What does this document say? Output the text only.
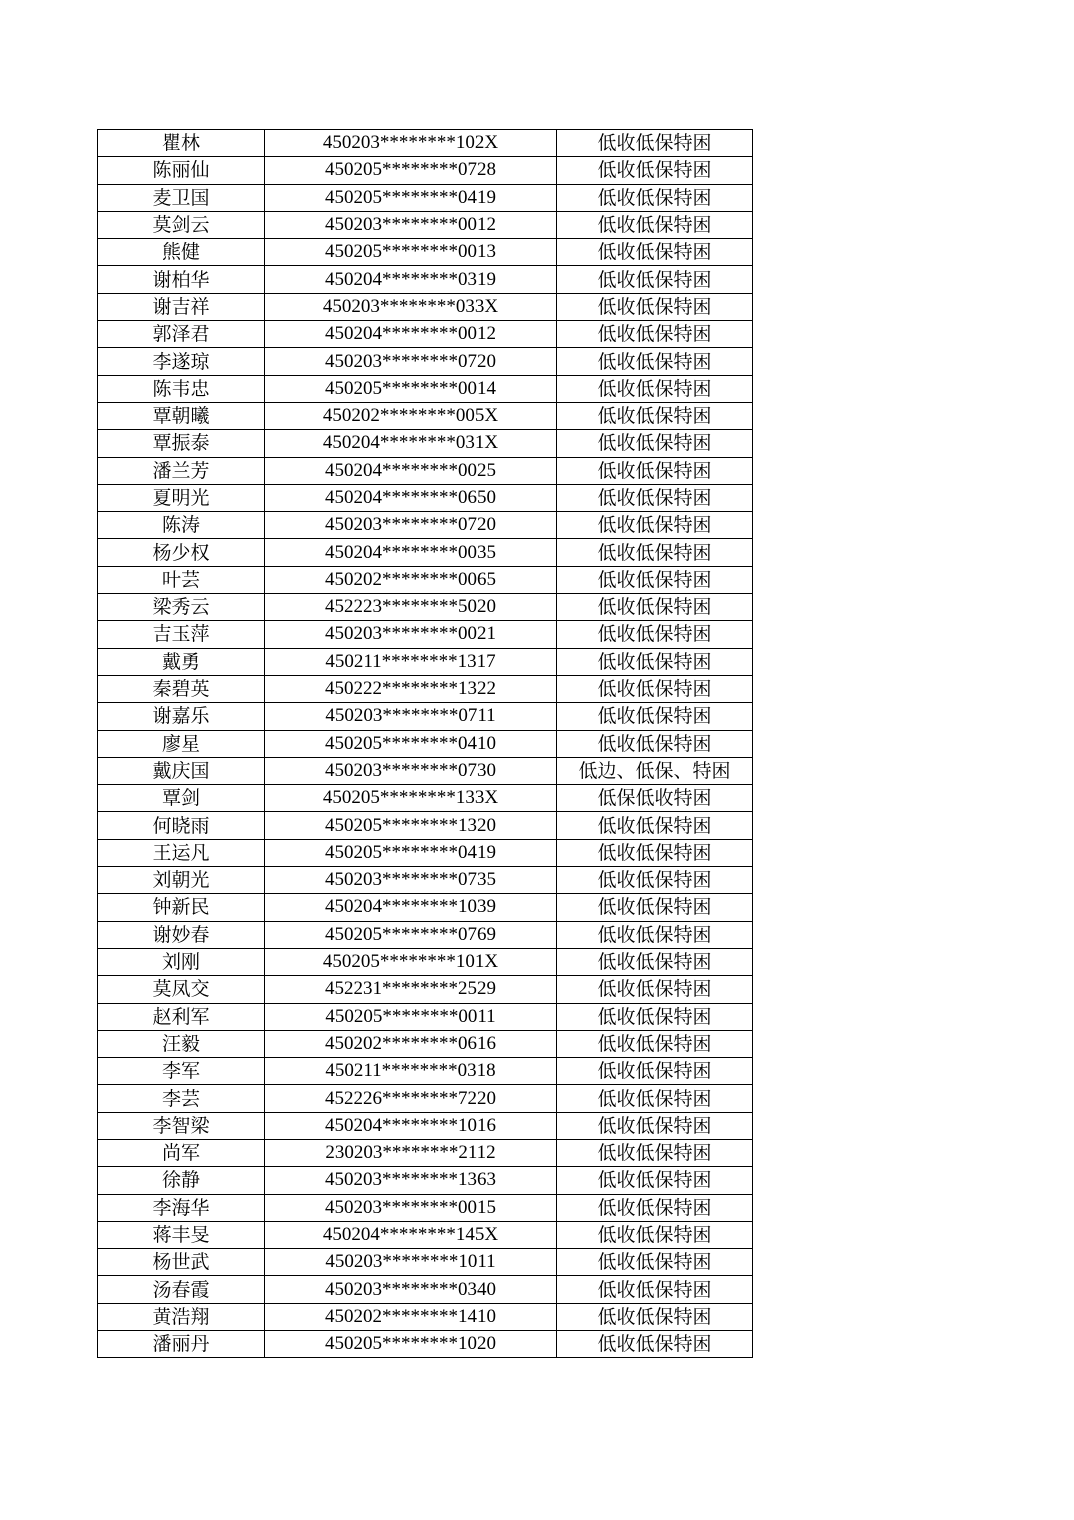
瞿林	450203********102X	低收低保特困
陈丽仙	450205********0728	低收低保特困
麦卫国	450205********0419	低收低保特困
莫剑云	450203********0012	低收低保特困
熊健	450205********0013	低收低保特困
谢柏华	450204********0319	低收低保特困
谢吉祥	450203********033X	低收低保特困
郭泽君	450204********0012	低收低保特困
李遂琼	450203********0720	低收低保特困
陈韦忠	450205********0014	低收低保特困
覃朝曦	450202********005X	低收低保特困
覃振泰	450204********031X	低收低保特困
潘兰芳	450204********0025	低收低保特困
夏明光	450204********0650	低收低保特困
陈涛	450203********0720	低收低保特困
杨少权	450204********0035	低收低保特困
叶芸	450202********0065	低收低保特困
梁秀云	452223********5020	低收低保特困
吉玉萍	450203********0021	低收低保特困
戴勇	450211********1317	低收低保特困
秦碧英	450222********1322	低收低保特困
谢嘉乐	450203********0711	低收低保特困
廖星	450205********0410	低收低保特困
戴庆国	450203********0730	低边、低保、特困
覃剑	450205********133X	低保低收特困
何晓雨	450205********1320	低收低保特困
王运凡	450205********0419	低收低保特困
刘朝光	450203********0735	低收低保特困
钟新民	450204********1039	低收低保特困
谢妙春	450205********0769	低收低保特困
刘刚	450205********101X	低收低保特困
莫凤交	452231********2529	低收低保特困
赵利军	450205********0011	低收低保特困
汪毅	450202********0616	低收低保特困
李军	450211********0318	低收低保特困
李芸	452226********7220	低收低保特困
李智梁	450204********1016	低收低保特困
尚军	230203********2112	低收低保特困
徐静	450203********1363	低收低保特困
李海华	450203********0015	低收低保特困
蒋丰旻	450204********145X	低收低保特困
杨世武	450203********1011	低收低保特困
汤春霞	450203********0340	低收低保特困
黄浩翔	450202********1410	低收低保特困
潘丽丹	450205********1020	低收低保特困
